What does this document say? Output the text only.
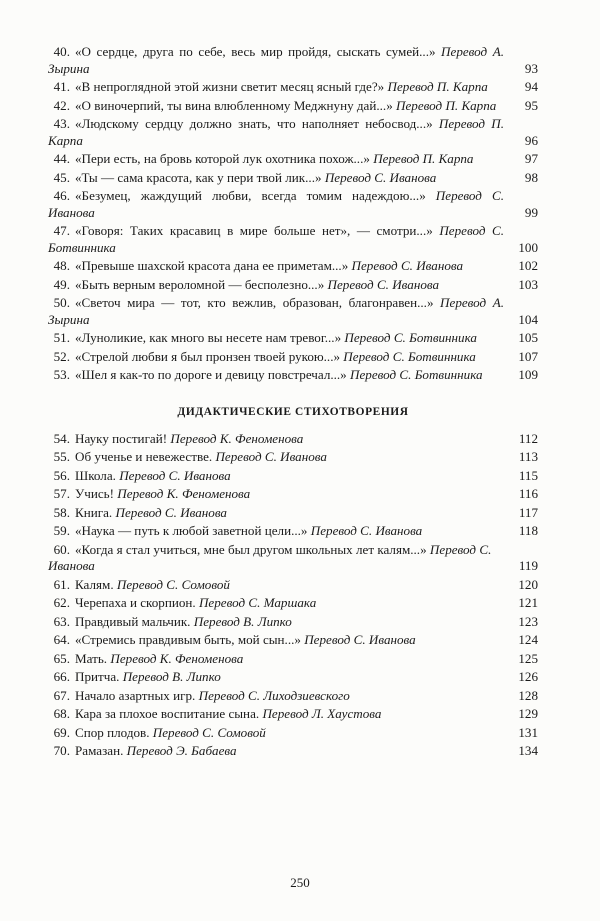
40. «О сердце, друга по себе, весь мир пройдя, сыскать сумей...» Перевод А. Зырина	93
41. «В непроглядной этой жизни светит месяц ясный где?» Перевод П. Карпа	94
42. «О виночерпий, ты вина влюбленному Меджнуну дай...» Перевод П. Карпа	95
43. «Людскому сердцу должно знать, что наполняет небосвод...» Перевод П. Карпа	96
44. «Пери есть, на бровь которой лук охотника похож...» Перевод П. Карпа	97
45. «Ты — сама красота, как у пери твой лик...» Перевод С. Иванова	98
46. «Безумец, жаждущий любви, всегда томим надеждою...» Перевод С. Иванова	99
47. «Говоря: Таких красавиц в мире больше нет», — смотри...» Перевод С. Ботвинника	100
48. «Превыше шахской красота дана ее приметам...» Перевод С. Иванова	102
49. «Быть верным вероломной — бесполезно...» Перевод С. Иванова	103
50. «Светоч мира — тот, кто вежлив, образован, благонравен...» Перевод А. Зырина	104
51. «Луноликие, как много вы несете нам тревог...» Перевод С. Ботвинника	105
52. «Стрелой любви я был пронзен твоей рукою...» Перевод С. Ботвинника	107
53. «Шел я как-то по дороге и девицу повстречал...» Перевод С. Ботвинника	109
ДИДАКТИЧЕСКИЕ СТИХОТВОРЕНИЯ
54. Науку постигай! Перевод К. Феноменова	112
55. Об ученье и невежестве. Перевод С. Иванова	113
56. Школа. Перевод С. Иванова	115
57. Учись! Перевод К. Феноменова	116
58. Книга. Перевод С. Иванова	117
59. «Наука — путь к любой заветной цели...» Перевод С. Иванова	118
60. «Когда я стал учиться, мне был другом школьных лет калям...» Перевод С. Иванова	119
61. Калям. Перевод С. Сомовой	120
62. Черепаха и скорпион. Перевод С. Маршака	121
63. Правдивый мальчик. Перевод В. Липко	123
64. «Стремись правдивым быть, мой сын...» Перевод С. Иванова	124
65. Мать. Перевод К. Феноменова	125
66. Притча. Перевод В. Липко	126
67. Начало азартных игр. Перевод С. Лиходзиевского	128
68. Кара за плохое воспитание сына. Перевод Л. Хаустова	129
69. Спор плодов. Перевод С. Сомовой	131
70. Рамазан. Перевод Э. Бабаева	134
250
